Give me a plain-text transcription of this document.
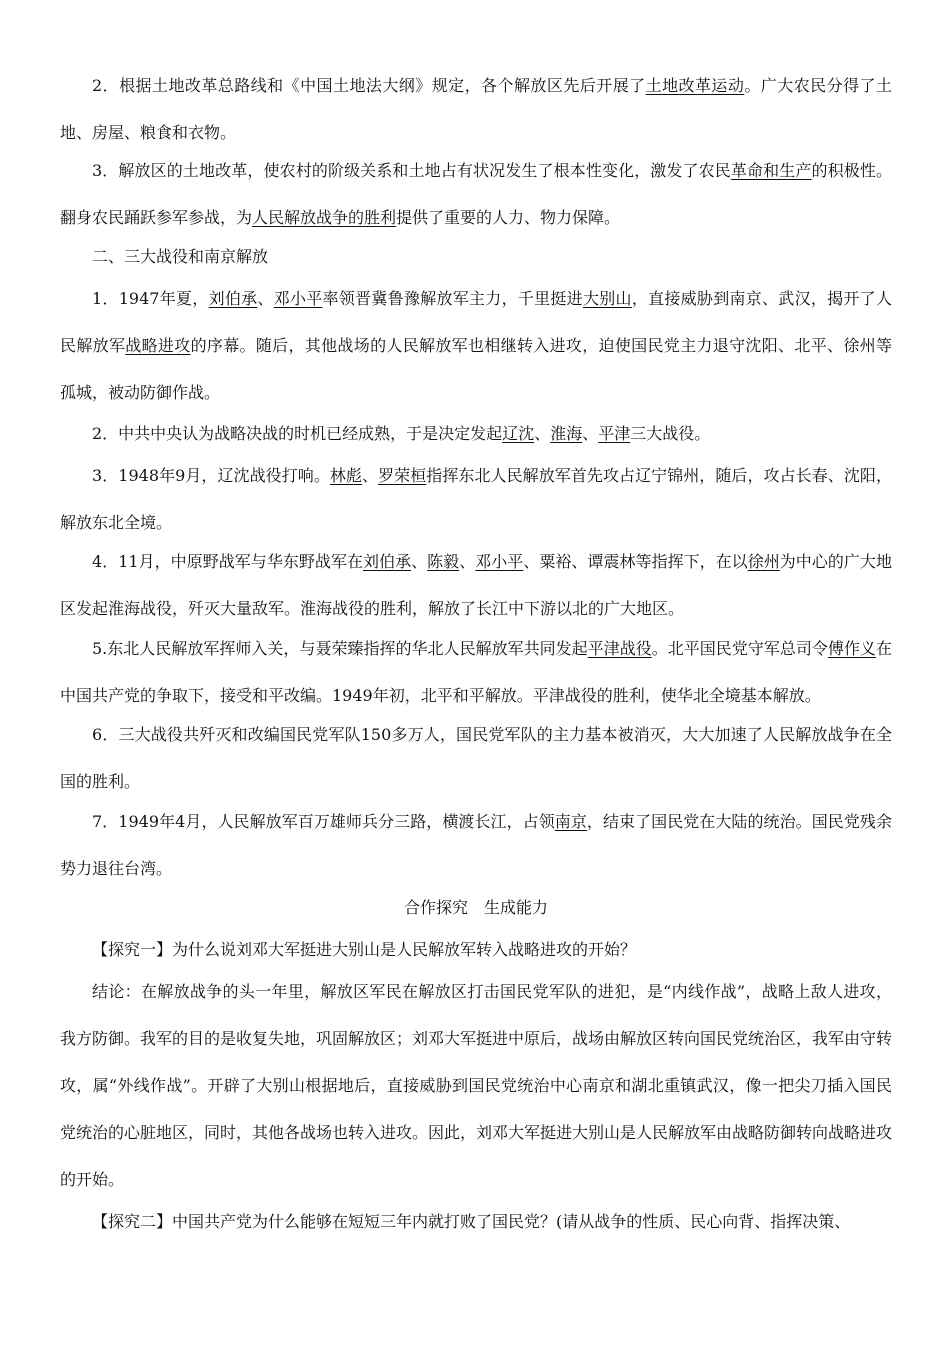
2．根据土地改革总路线和《中国土地法大纲》规定，各个解放区先后开展了土地改革运动。广大农民分得了土地、房屋、粮食和衣物。

3．解放区的土地改革，使农村的阶级关系和土地占有状况发生了根本性变化，激发了农民革命和生产的积极性。翻身农民踊跃参军参战，为人民解放战争的胜利提供了重要的人力、物力保障。

二、三大战役和南京解放

1．1947年夏，刘伯承、邓小平率领晋冀鲁豫解放军主力，千里挺进大别山，直接威胁到南京、武汉，揭开了人民解放军战略进攻的序幕。随后，其他战场的人民解放军也相继转入进攻，迫使国民党主力退守沈阳、北平、徐州等孤城，被动防御作战。

2．中共中央认为战略决战的时机已经成熟，于是决定发起辽沈、淮海、平津三大战役。

3．1948年9月，辽沈战役打响。林彪、罗荣桓指挥东北人民解放军首先攻占辽宁锦州，随后，攻占长春、沈阳，解放东北全境。

4．11月，中原野战军与华东野战军在刘伯承、陈毅、邓小平、粟裕、谭震林等指挥下，在以徐州为中心的广大地区发起淮海战役，歼灭大量敌军。淮海战役的胜利，解放了长江中下游以北的广大地区。

5.东北人民解放军挥师入关，与聂荣臻指挥的华北人民解放军共同发起平津战役。北平国民党守军总司令傅作义在中国共产党的争取下，接受和平改编。1949年初，北平和平解放。平津战役的胜利，使华北全境基本解放。

6．三大战役共歼灭和改编国民党军队150多万人，国民党军队的主力基本被消灭，大大加速了人民解放战争在全国的胜利。

7．1949年4月，人民解放军百万雄师兵分三路，横渡长江，占领南京，结束了国民党在大陆的统治。国民党残余势力退往台湾。

合作探究　生成能力

【探究一】为什么说刘邓大军挺进大别山是人民解放军转入战略进攻的开始？

结论：在解放战争的头一年里，解放区军民在解放区打击国民党军队的进犯，是“内线作战”，战略上敌人进攻，我方防御。我军的目的是收复失地，巩固解放区；刘邓大军挺进中原后，战场由解放区转向国民党统治区，我军由守转攻，属“外线作战”。开辟了大别山根据地后，直接威胁到国民党统治中心南京和湖北重镇武汉，像一把尖刀插入国民党统治的心脏地区，同时，其他各战场也转入进攻。因此，刘邓大军挺进大别山是人民解放军由战略防御转向战略进攻的开始。

【探究二】中国共产党为什么能够在短短三年内就打败了国民党？(请从战争的性质、民心向背、指挥决策、
